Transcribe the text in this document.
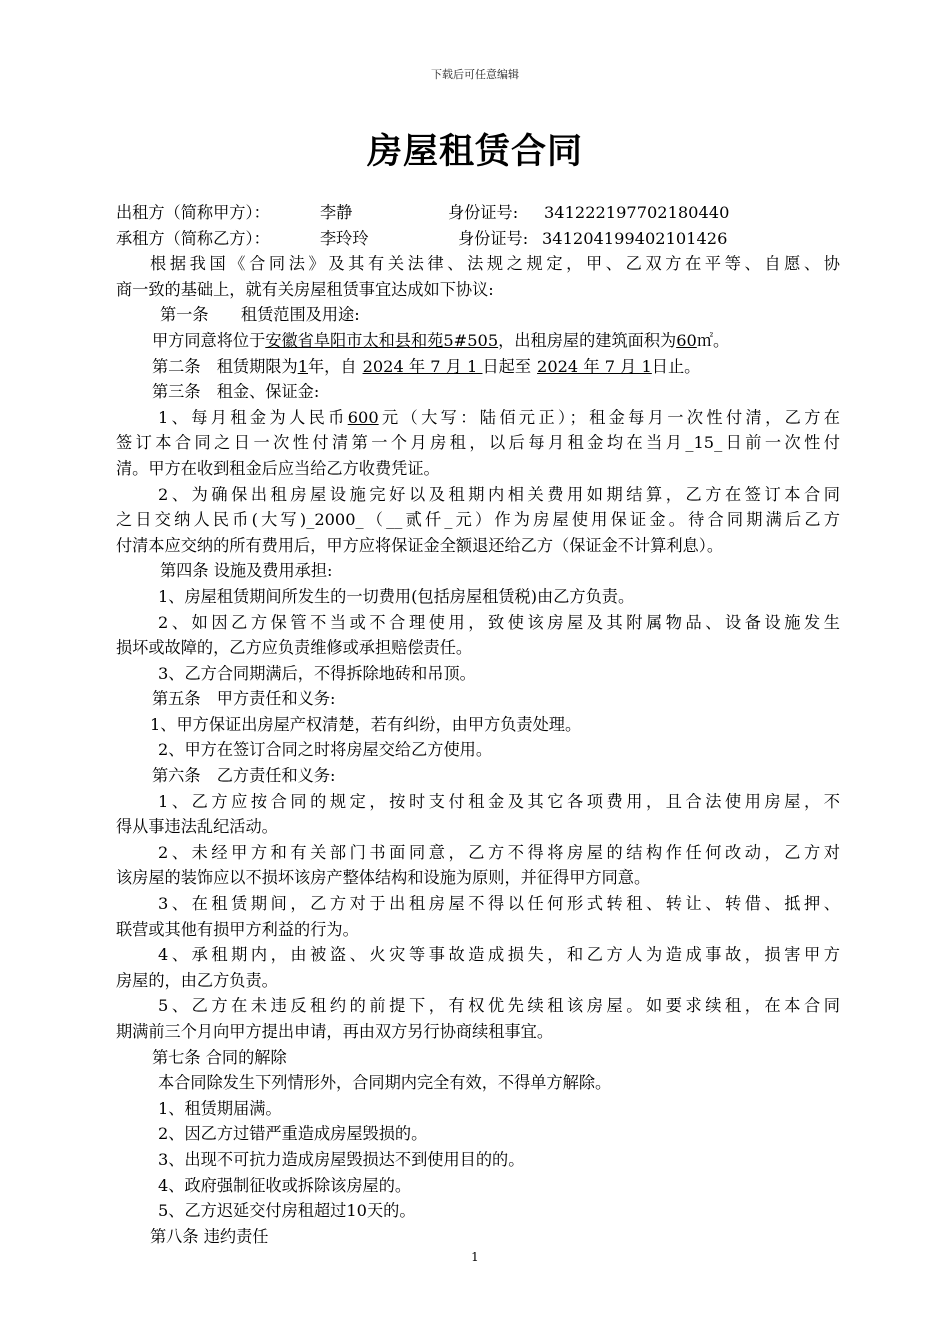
下载后可任意编辑
房屋租赁合同
出租方（简称甲方）：	李静	身份证号: 341222197702180440
承租方（简称乙方）：	李玲玲	身份证号: 341204199402101426
根据我国《合同法》及其有关法律、法规之规定，甲、乙双方在平等、自愿、协
商一致的基础上，就有关房屋租赁事宜达成如下协议:
第一条　　租赁范围及用途:
甲方同意将位于安徽省阜阳市太和县和苑5#505，出租房屋的建筑面积为60㎡。
第二条　租赁期限为1年，自 2024 年 7 月 1 日起至 2024 年 7 月 1日止。
第三条　租金、保证金:
1、每月租金为人民币600元（大写：陆佰元正）；租金每月一次性付清，乙方在
签订本合同之日一次性付清第一个月房租，以后每月租金均在当月_15_日前一次性付
清。甲方在收到租金后应当给乙方收费凭证。
2、为确保出租房屋设施完好以及租期内相关费用如期结算，乙方在签订本合同
之日交纳人民币(大写)_2000_（__贰仟_元）作为房屋使用保证金。待合同期满后乙方
付清本应交纳的所有费用后，甲方应将保证金全额退还给乙方（保证金不计算利息）。
第四条 设施及费用承担:
1、房屋租赁期间所发生的一切费用(包括房屋租赁税)由乙方负责。
2、如因乙方保管不当或不合理使用，致使该房屋及其附属物品、设备设施发生
损坏或故障的，乙方应负责维修或承担赔偿责任。
3、乙方合同期满后，不得拆除地砖和吊顶。
第五条　甲方责任和义务:
1、甲方保证出房屋产权清楚，若有纠纷，由甲方负责处理。
2、甲方在签订合同之时将房屋交给乙方使用。
第六条　乙方责任和义务:
1、乙方应按合同的规定，按时支付租金及其它各项费用，且合法使用房屋，不
得从事违法乱纪活动。
2、未经甲方和有关部门书面同意，乙方不得将房屋的结构作任何改动，乙方对
该房屋的装饰应以不损坏该房产整体结构和设施为原则，并征得甲方同意。
3、在租赁期间，乙方对于出租房屋不得以任何形式转租、转让、转借、抵押、
联营或其他有损甲方利益的行为。
4、承租期内，由被盗、火灾等事故造成损失，和乙方人为造成事故，损害甲方
房屋的，由乙方负责。
5、乙方在未违反租约的前提下，有权优先续租该房屋。如要求续租，在本合同
期满前三个月向甲方提出申请，再由双方另行协商续租事宜。
第七条 合同的解除
本合同除发生下列情形外，合同期内完全有效，不得单方解除。
1、租赁期届满。
2、因乙方过错严重造成房屋毁损的。
3、出现不可抗力造成房屋毁损达不到使用目的的。
4、政府强制征收或拆除该房屋的。
5、乙方迟延交付房租超过10天的。
第八条 违约责任
1
